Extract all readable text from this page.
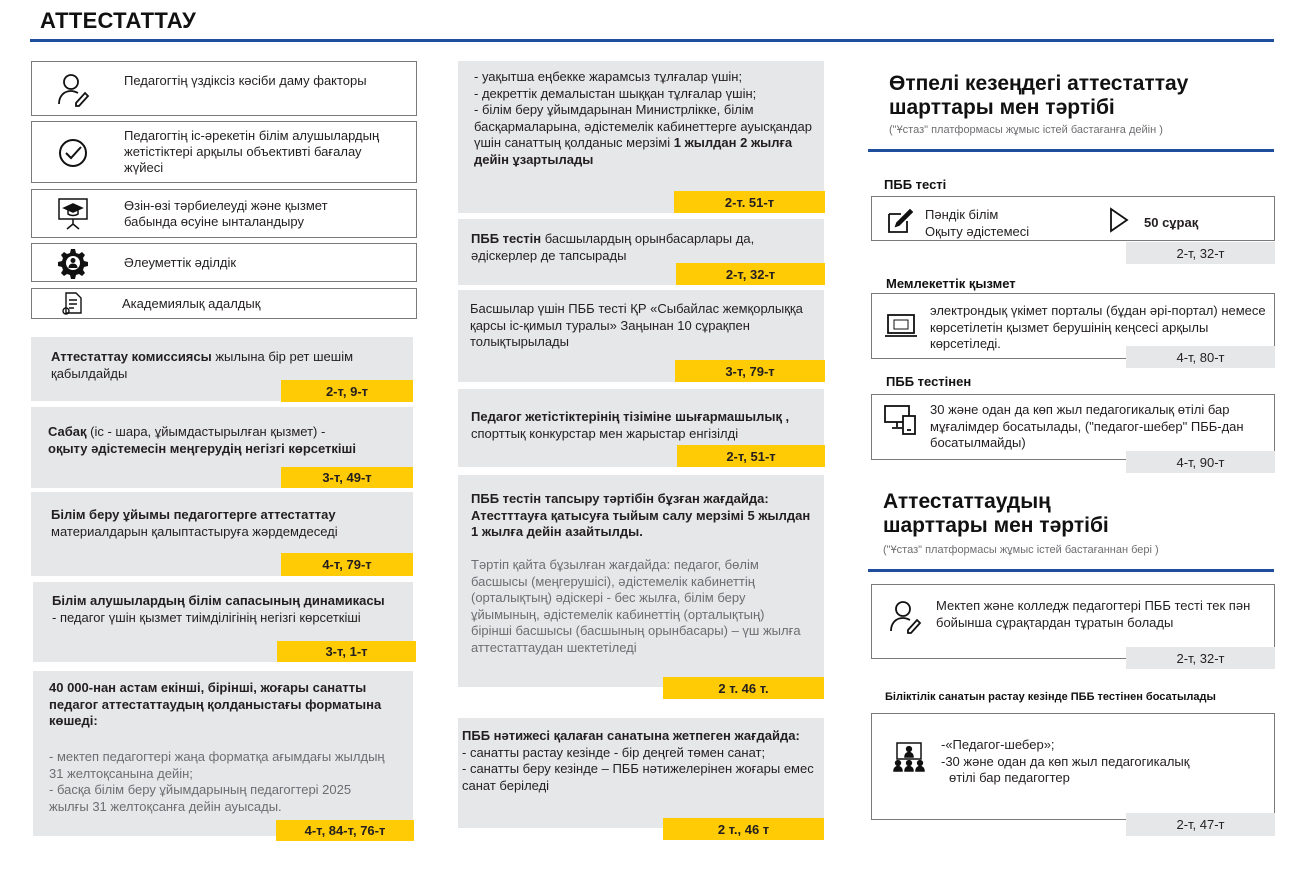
АТТЕСТАТТАУ
Педагогтің үздіксіз кәсіби даму факторы
Педагогтің іс-әрекетін білім алушылардың жетістіктері арқылы объективті бағалау жүйесі
Өзін-өзі тәрбиелеуді және қызмет бабында өсуіне ынталандыру
Әлеуметтік әділдік
Академиялық адалдық
Аттестаттау комиссиясы жылына бір рет шешім қабылдайды
2-т, 9-т
Сабақ (іс - шара, ұйымдастырылған қызмет) -
оқыту әдістемесін меңгерудің негізгі көрсеткіші
3-т, 49-т
Білім беру ұйымы педагогтерге аттестаттау
материалдарын қалыптастыруға жәрдемдеседі
4-т, 79-т
Білім алушылардың білім сапасының динамикасы
- педагог үшін қызмет тиімділігінің негізгі көрсеткіші
3-т, 1-т
40 000-нан астам екінші, бірінші, жоғары санатты педагог аттестаттаудың қолданыстағы форматына көшеді:
- мектеп педагогтері жаңа форматқа ағымдағы жылдың 31 желтоқсанына дейін;
- басқа білім беру ұйымдарының педагогтері 2025 жылғы 31 желтоқсанға дейін ауысады.
4-т, 84-т, 76-т
- уақытша еңбекке жарамсыз тұлғалар үшін;
- декреттік демалыстан шыққан тұлғалар үшін;
- білім беру ұйымдарынан Министрлікке, білім басқармаларына, әдістемелік кабинеттерге ауысқандар үшін санаттың қолданыс мерзімі 1 жылдан 2 жылға дейін ұзартылады
2-т. 51-т
ПББ тестін басшылардың орынбасарлары да, әдіскерлер де тапсырады
2-т, 32-т
Басшылар үшін ПББ тесті ҚР «Сыбайлас жемқорлыққа қарсы іс-қимыл туралы» Заңынан 10 сұрақпен толықтырылады
3-т, 79-т
Педагог жетістіктерінің тізіміне шығармашылық ,
спорттық конкурстар мен жарыстар енгізілді
2-т, 51-т
ПББ тестін тапсыру тәртібін бұзған жағдайда: Атестттауға қатысуға тыйым салу мерзімі 5 жылдан 1 жылға дейін азайтылды.
Тәртіп қайта бұзылған жағдайда: педагог, бөлім басшысы (меңгерушісі), әдістемелік кабинеттің (орталықтың) әдіскері - бес жылға, білім беру ұйымының, әдістемелік кабинеттің (орталықтың) бірінші басшысы (басшының орынбасары) – үш жылға аттестаттаудан шектетіледі
2 т. 46 т.
ПББ нәтижесі қалаған санатына жетпеген жағдайда:
- санатты растау кезінде - бір деңгей төмен санат;
- санатты беру кезінде – ПББ нәтижелерінен жоғары емес санат беріледі
2 т., 46 т
Өтпелі кезеңдегі аттестаттау
шарттары мен тәртібі
("Ұстаз" платформасы жұмыс істей бастағанға дейін )
ПББ тесті
Пәндік білім
Оқыту әдістемесі
50 сұрақ
2-т, 32-т
Мемлекеттік қызмет
электрондық үкімет порталы (бұдан әрі-портал) немесе көрсетілетін қызмет берушінің кеңсесі арқылы көрсетіледі.
4-т, 80-т
ПББ тестінен
30 және одан да көп жыл педагогикалық өтілі бар мұғалімдер босатылады, ("педагог-шебер" ПББ-дан босатылмайды)
4-т, 90-т
Аттестаттаудың
шарттары мен тәртібі
("Ұстаз" платформасы жұмыс істей бастағаннан бері )
Мектеп және колледж педагогтері ПББ тесті тек пән бойынша сұрақтардан тұратын болады
2-т, 32-т
Біліктілік санатын растау кезінде ПББ тестінен босатылады
-«Педагог-шебер»;
-30 және одан да көп жыл педагогикалық
өтілі бар педагогтер
2-т, 47-т
